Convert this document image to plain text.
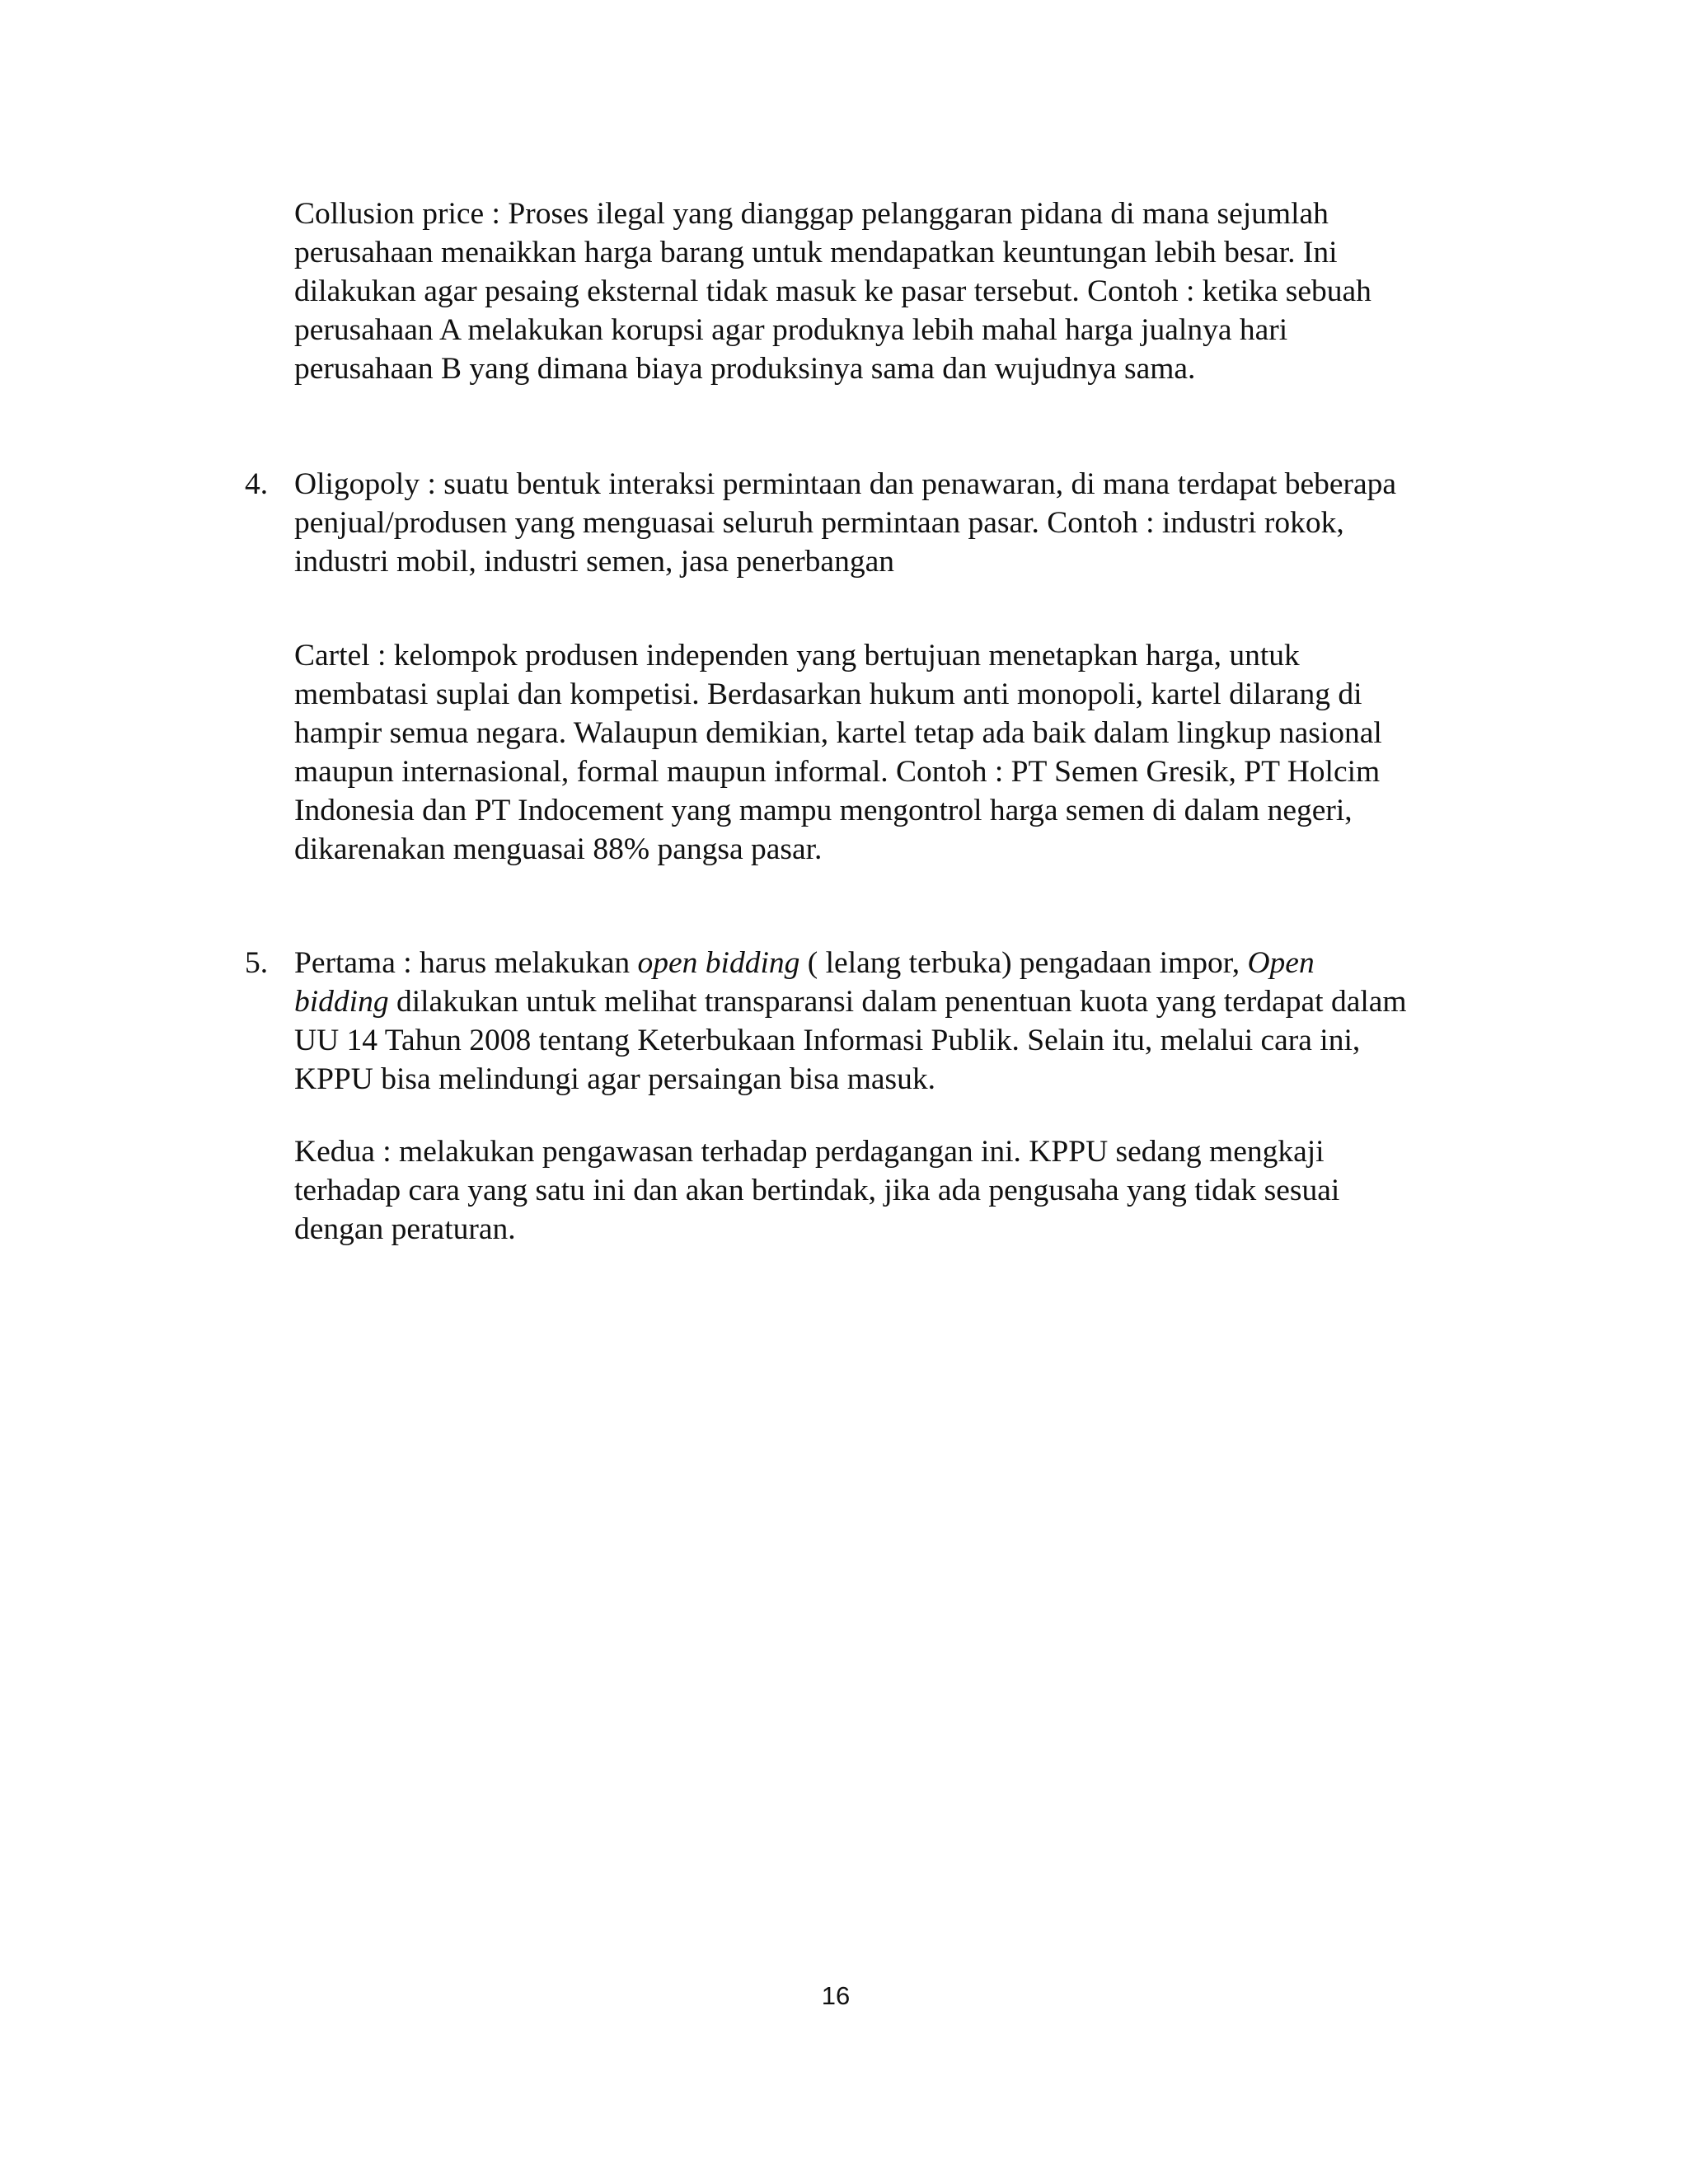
Collusion price : Proses ilegal yang dianggap pelanggaran pidana di mana sejumlah
perusahaan menaikkan harga barang untuk mendapatkan keuntungan lebih besar. Ini
dilakukan agar pesaing eksternal tidak masuk ke pasar tersebut. Contoh : ketika sebuah
perusahaan A melakukan korupsi agar produknya lebih mahal harga jualnya hari
perusahaan B yang dimana biaya produksinya sama dan wujudnya sama.
4. Oligopoly : suatu bentuk interaksi permintaan dan penawaran, di mana terdapat beberapa
penjual/produsen yang menguasai seluruh permintaan pasar. Contoh : industri rokok,
industri mobil, industri semen, jasa penerbangan
Cartel : kelompok produsen independen yang bertujuan menetapkan harga, untuk
membatasi suplai dan kompetisi. Berdasarkan hukum anti monopoli, kartel dilarang di
hampir semua negara. Walaupun demikian, kartel tetap ada baik dalam lingkup nasional
maupun internasional, formal maupun informal. Contoh : PT Semen Gresik, PT Holcim
Indonesia dan PT Indocement yang mampu mengontrol harga semen di dalam negeri,
dikarenakan menguasai 88% pangsa pasar.
5. Pertama : harus melakukan open bidding ( lelang terbuka) pengadaan impor, Open
bidding dilakukan untuk melihat transparansi dalam penentuan kuota yang terdapat dalam
UU 14 Tahun 2008 tentang Keterbukaan Informasi Publik. Selain itu, melalui cara ini,
KPPU bisa melindungi agar persaingan bisa masuk.
Kedua : melakukan pengawasan terhadap perdagangan ini. KPPU sedang mengkaji
terhadap cara yang satu ini dan akan bertindak, jika ada pengusaha yang tidak sesuai
dengan peraturan.
16
